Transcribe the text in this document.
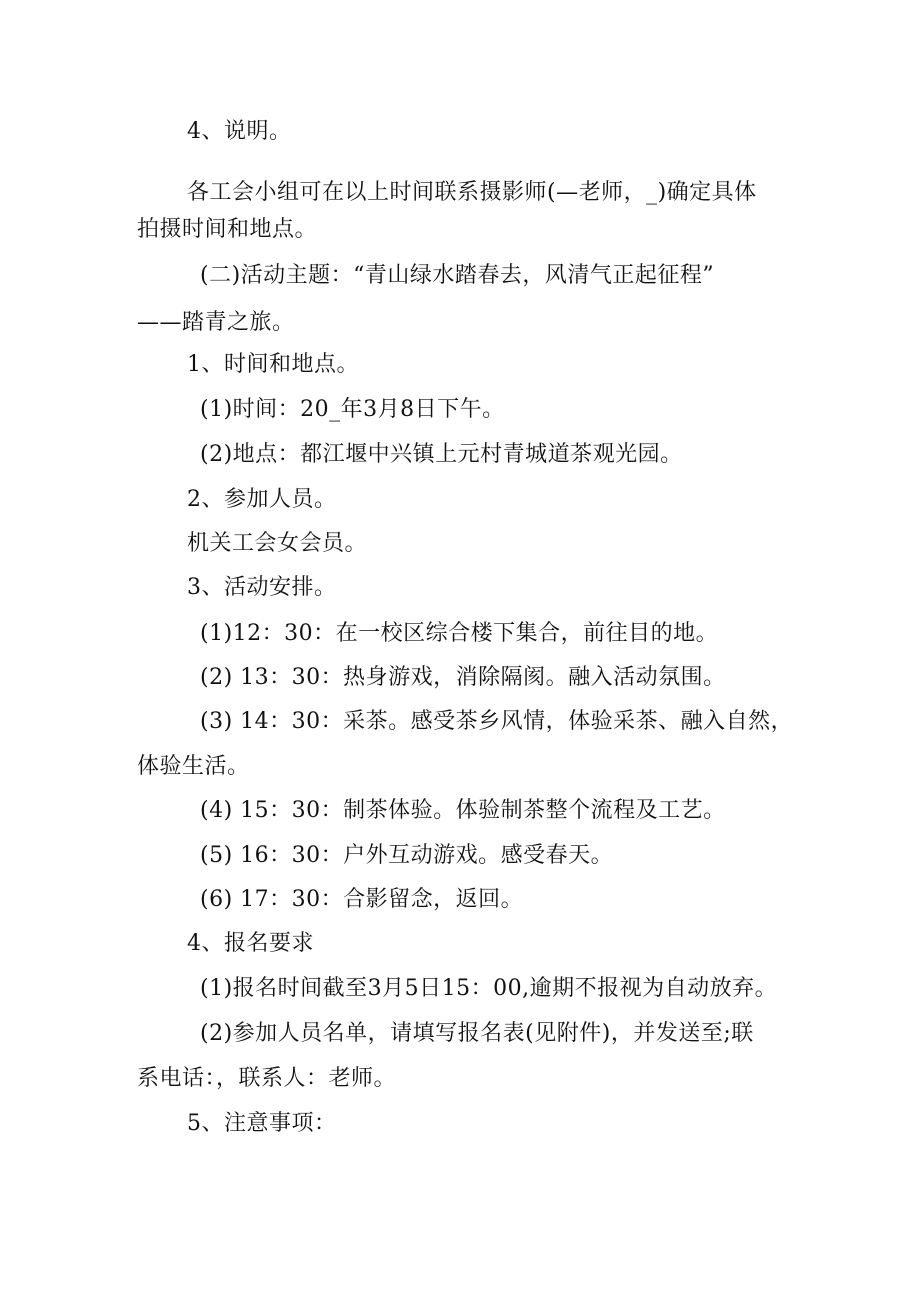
4、说明。
各工会小组可在以上时间联系摄影师(—老师，_)确定具体
拍摄时间和地点。
(二)活动主题：“青山绿水踏春去，风清气正起征程”
——踏青之旅。
1、时间和地点。
(1)时间：20_年3月8日下午。
(2)地点：都江堰中兴镇上元村青城道茶观光园。
2、参加人员。
机关工会女会员。
3、活动安排。
(1)12：30：在一校区综合楼下集合，前往目的地。
(2) 13：30：热身游戏，消除隔阂。融入活动氛围。
(3) 14：30：采茶。感受茶乡风情，体验采茶、融入自然，
体验生活。
(4) 15：30：制茶体验。体验制茶整个流程及工艺。
(5) 16：30：户外互动游戏。感受春天。
(6) 17：30：合影留念，返回。
4、报名要求
(1)报名时间截至3月5日15：00,逾期不报视为自动放弃。
(2)参加人员名单，请填写报名表(见附件)，并发送至;联
系电话：，联系人：老师。
5、注意事项：
